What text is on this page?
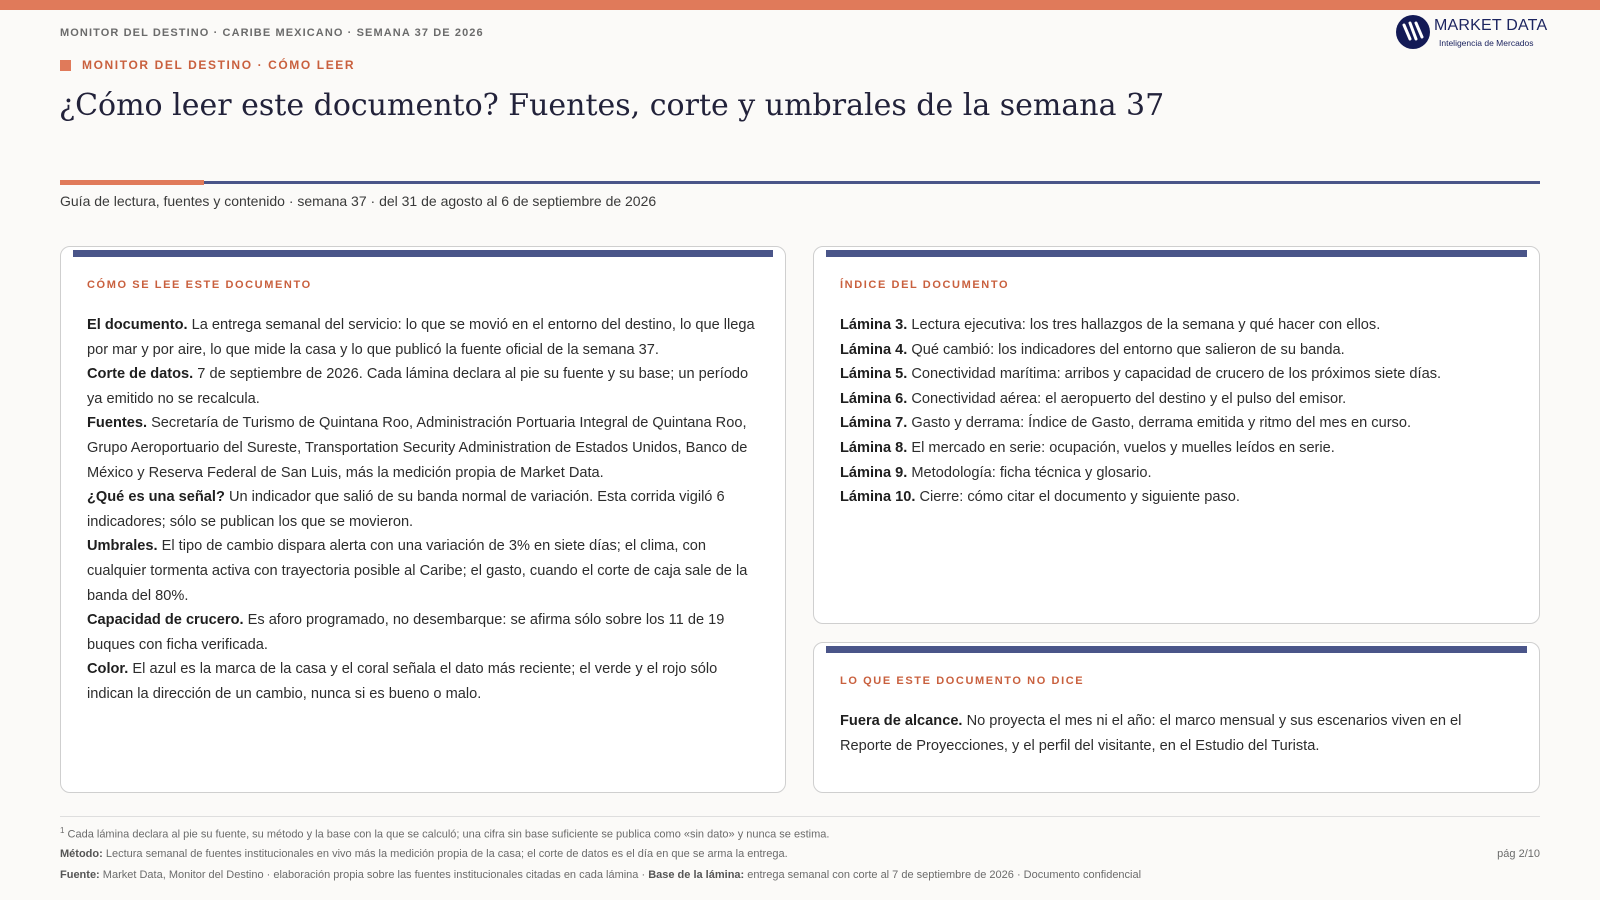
MONITOR DEL DESTINO · CARIBE MEXICANO · SEMANA 37 DE 2026	MARKET DATA
Inteligencia de Mercados
MONITOR DEL DESTINO · CÓMO LEER
¿Cómo leer este documento? Fuentes, corte y umbrales de la semana 37
Guía de lectura, fuentes y contenido · semana 37 · del 31 de agosto al 6 de septiembre de 2026
CÓMO SE LEE ESTE DOCUMENTO

El documento. La entrega semanal del servicio: lo que se movió en el entorno del destino, lo que llega por mar y por aire, lo que mide la casa y lo que publicó la fuente oficial de la semana 37.

Corte de datos. 7 de septiembre de 2026. Cada lámina declara al pie su fuente y su base; un período ya emitido no se recalcula.

Fuentes. Secretaría de Turismo de Quintana Roo, Administración Portuaria Integral de Quintana Roo, Grupo Aeroportuario del Sureste, Transportation Security Administration de Estados Unidos, Banco de México y Reserva Federal de San Luis, más la medición propia de Market Data.

¿Qué es una señal? Un indicador que salió de su banda normal de variación. Esta corrida vigiló 6 indicadores; sólo se publican los que se movieron.

Umbrales. El tipo de cambio dispara alerta con una variación de 3% en siete días; el clima, con cualquier tormenta activa con trayectoria posible al Caribe; el gasto, cuando el corte de caja sale de la banda del 80%.

Capacidad de crucero. Es aforo programado, no desembarque: se afirma sólo sobre los 11 de 19 buques con ficha verificada.

Color. El azul es la marca de la casa y el coral señala el dato más reciente; el verde y el rojo sólo indican la dirección de un cambio, nunca si es bueno o malo.

ÍNDICE DEL DOCUMENTO

Lámina 3. Lectura ejecutiva: los tres hallazgos de la semana y qué hacer con ellos.

Lámina 4. Qué cambió: los indicadores del entorno que salieron de su banda.

Lámina 5. Conectividad marítima: arribos y capacidad de crucero de los próximos siete días.

Lámina 6. Conectividad aérea: el aeropuerto del destino y el pulso del emisor.

Lámina 7. Gasto y derrama: Índice de Gasto, derrama emitida y ritmo del mes en curso.

Lámina 8. El mercado en serie: ocupación, vuelos y muelles leídos en serie.

Lámina 9. Metodología: ficha técnica y glosario.

Lámina 10. Cierre: cómo citar el documento y siguiente paso.

LO QUE ESTE DOCUMENTO NO DICE

Fuera de alcance. No proyecta el mes ni el año: el marco mensual y sus escenarios viven en el Reporte de Proyecciones, y el perfil del visitante, en el Estudio del Turista.

$^1$ Cada lámina declara al pie su fuente, su método y la base con la que se calculó; una cifra sin base suficiente se publica como «sin dato» y nunca se estima.
Método: Lectura semanal de fuentes institucionales en vivo más la medición propia de la casa; el corte de datos es el día en que se arma la entrega.
Fuente: Market Data, Monitor del Destino · elaboración propia sobre las fuentes institucionales citadas en cada lámina · Base de la lámina: entrega semanal con corte al 7 de septiembre de 2026 · Documento confidencial
pág 2/10
